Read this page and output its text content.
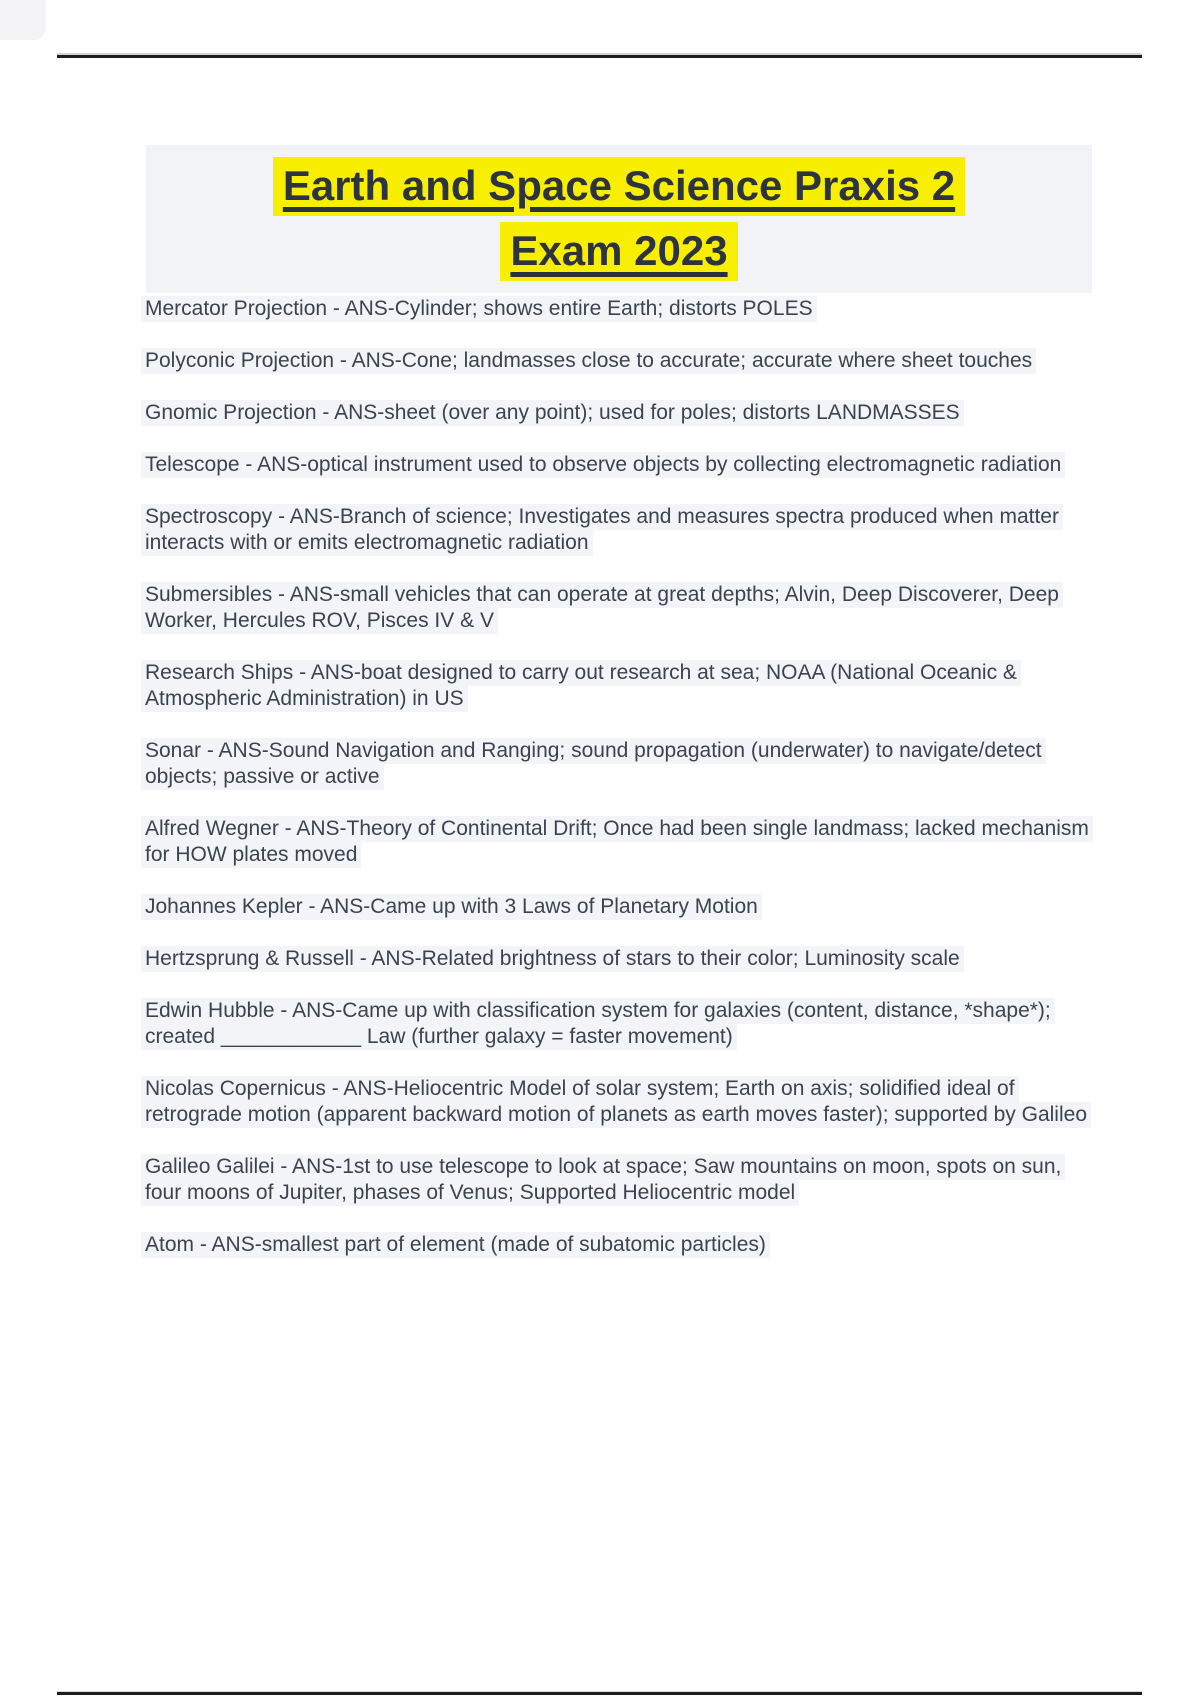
Earth and Space Science Praxis 2
Exam 2023

Mercator Projection - ANS-Cylinder; shows entire Earth; distorts POLES

Polyconic Projection - ANS-Cone; landmasses close to accurate; accurate where sheet touches

Gnomic Projection - ANS-sheet (over any point); used for poles; distorts LANDMASSES

Telescope - ANS-optical instrument used to observe objects by collecting electromagnetic radiation

Spectroscopy - ANS-Branch of science; Investigates and measures spectra produced when matter interacts with or emits electromagnetic radiation

Submersibles - ANS-small vehicles that can operate at great depths; Alvin, Deep Discoverer, Deep Worker, Hercules ROV, Pisces IV & V

Research Ships - ANS-boat designed to carry out research at sea; NOAA (National Oceanic & Atmospheric Administration) in US

Sonar - ANS-Sound Navigation and Ranging; sound propagation (underwater) to navigate/detect objects; passive or active

Alfred Wegner - ANS-Theory of Continental Drift; Once had been single landmass; lacked mechanism for HOW plates moved

Johannes Kepler - ANS-Came up with 3 Laws of Planetary Motion

Hertzsprung & Russell - ANS-Related brightness of stars to their color; Luminosity scale

Edwin Hubble - ANS-Came up with classification system for galaxies (content, distance, *shape*); created ____________ Law (further galaxy = faster movement)

Nicolas Copernicus - ANS-Heliocentric Model of solar system; Earth on axis; solidified ideal of retrograde motion (apparent backward motion of planets as earth moves faster); supported by Galileo

Galileo Galilei - ANS-1st to use telescope to look at space; Saw mountains on moon, spots on sun, four moons of Jupiter, phases of Venus; Supported Heliocentric model

Atom - ANS-smallest part of element (made of subatomic particles)
